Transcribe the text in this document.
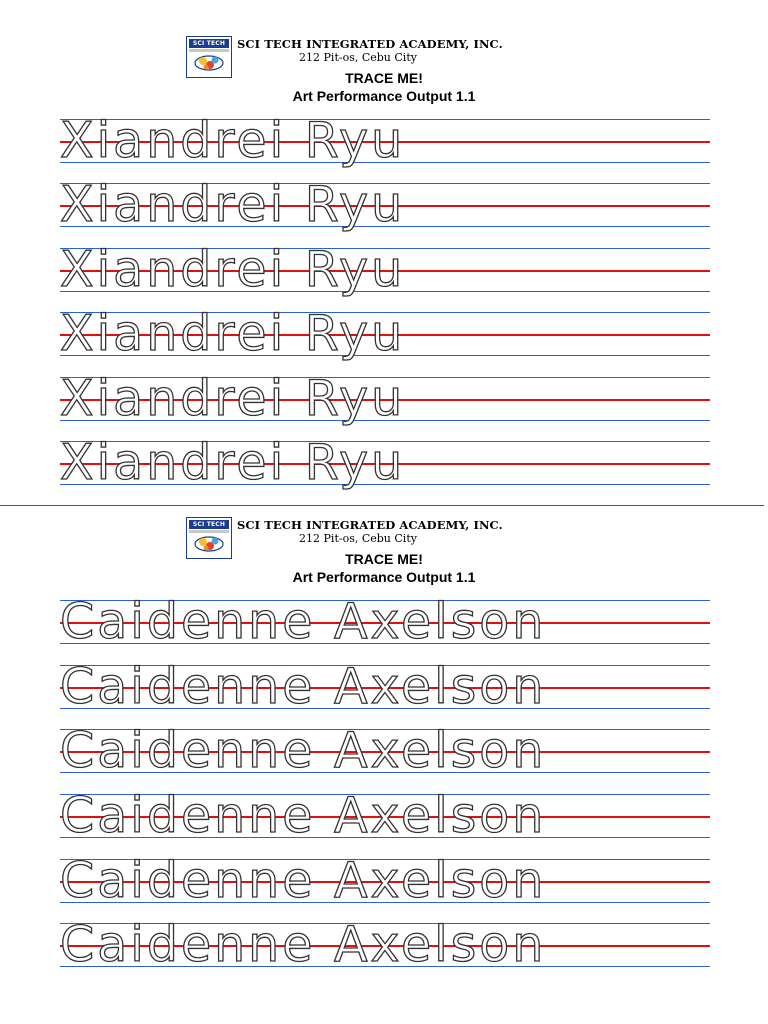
SCI TECH	SCI TECH INTEGRATED ACADEMY, INC.
212 Pit-os, Cebu City
TRACE ME!
Art Performance Output 1.1
Xiandrei Ryu
Xiandrei Ryu
Xiandrei Ryu
Xiandrei Ryu
Xiandrei Ryu
Xiandrei Ryu
SCI TECH	SCI TECH INTEGRATED ACADEMY, INC.
212 Pit-os, Cebu City
TRACE ME!
Art Performance Output 1.1
Caidenne Axelson
Caidenne Axelson
Caidenne Axelson
Caidenne Axelson
Caidenne Axelson
Caidenne Axelson
